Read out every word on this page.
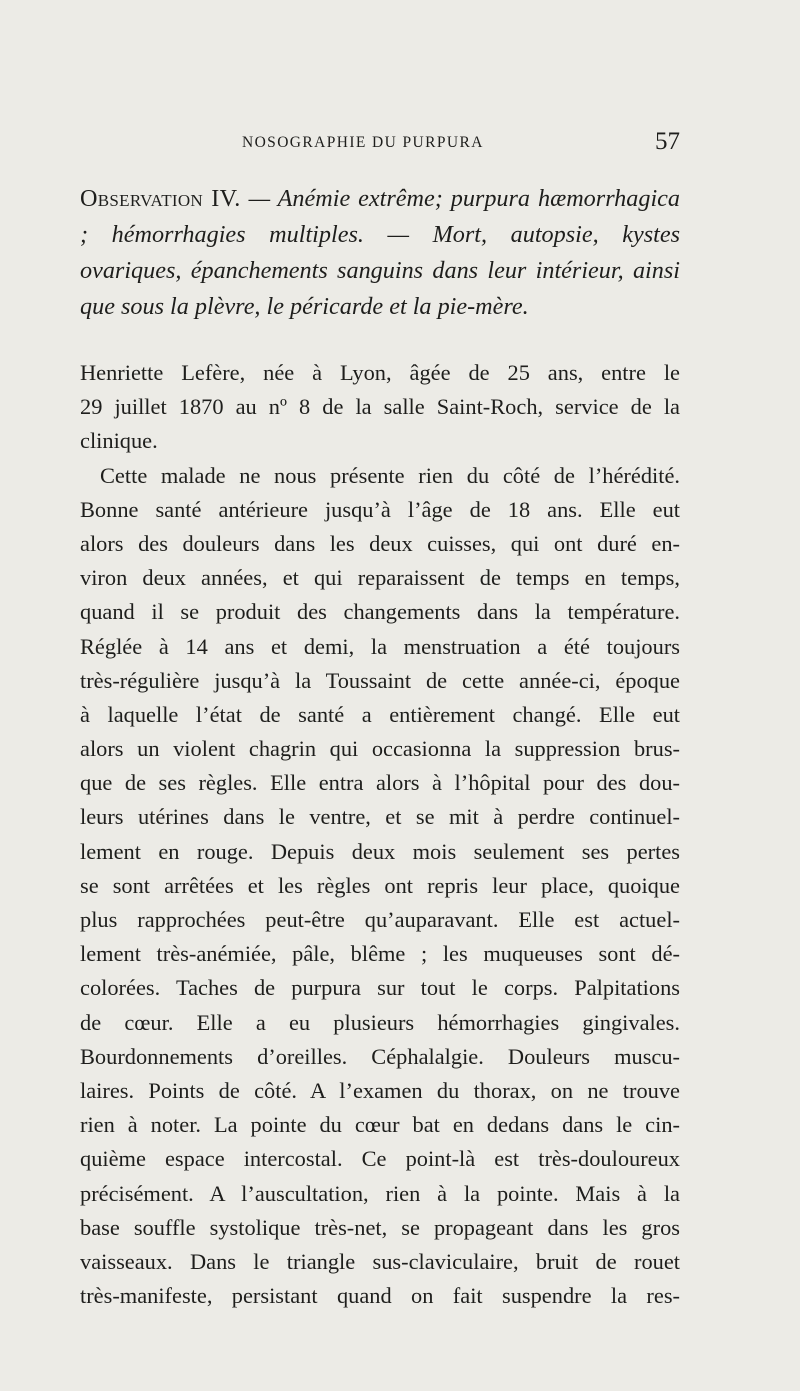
NOSOGRAPHIE DU PURPURA	57
Observation IV. — Anémie extrême; purpura hæmorrhagica ; hémorrhagies multiples. — Mort, autopsie, kystes ovariques, épanchements sanguins dans leur intérieur, ainsi que sous la plèvre, le péricarde et la pie-mère.
Henriette Lefère, née à Lyon, âgée de 25 ans, entre le
29 juillet 1870 au nº 8 de la salle Saint-Roch, service de la
clinique.
Cette malade ne nous présente rien du côté de l’hérédité.
Bonne santé antérieure jusqu’à l’âge de 18 ans. Elle eut
alors des douleurs dans les deux cuisses, qui ont duré en-
viron deux années, et qui reparaissent de temps en temps,
quand il se produit des changements dans la température.
Réglée à 14 ans et demi, la menstruation a été toujours
très-régulière jusqu’à la Toussaint de cette année-ci, époque
à laquelle l’état de santé a entièrement changé. Elle eut
alors un violent chagrin qui occasionna la suppression brus-
que de ses règles. Elle entra alors à l’hôpital pour des dou-
leurs utérines dans le ventre, et se mit à perdre continuel-
lement en rouge. Depuis deux mois seulement ses pertes
se sont arrêtées et les règles ont repris leur place, quoique
plus rapprochées peut-être qu’auparavant. Elle est actuel-
lement très-anémiée, pâle, blême ; les muqueuses sont dé-
colorées. Taches de purpura sur tout le corps. Palpitations
de cœur. Elle a eu plusieurs hémorrhagies gingivales.
Bourdonnements d’oreilles. Céphalalgie. Douleurs muscu-
laires. Points de côté. A l’examen du thorax, on ne trouve
rien à noter. La pointe du cœur bat en dedans dans le cin-
quième espace intercostal. Ce point-là est très-douloureux
précisément. A l’auscultation, rien à la pointe. Mais à la
base souffle systolique très-net, se propageant dans les gros
vaisseaux. Dans le triangle sus-claviculaire, bruit de rouet
très-manifeste, persistant quand on fait suspendre la res-
